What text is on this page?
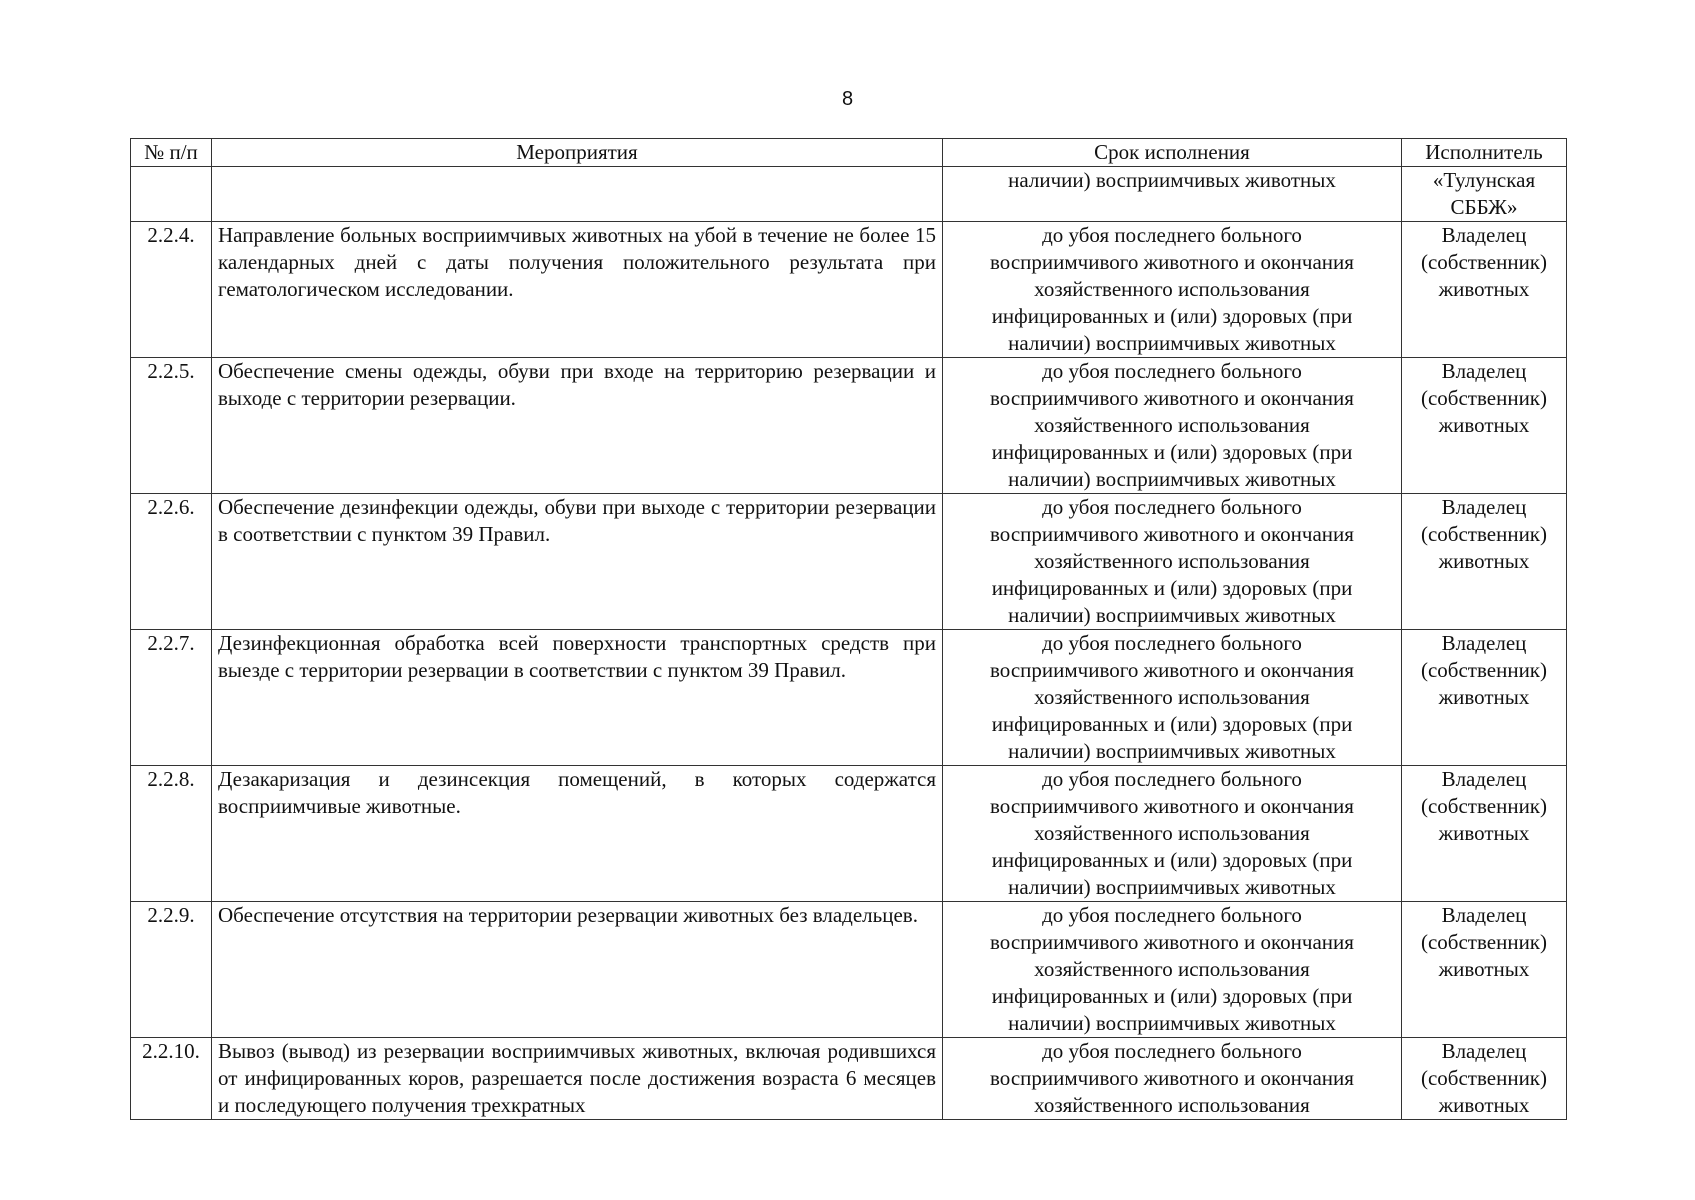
8
№ п/п	Мероприятия	Срок исполнения	Исполнитель
		наличии) восприимчивых животных	«Тулунская
СББЖ»

2.2.4.	Направление больных восприимчивых животных на убой в течение не более 15 календарных дней с даты получения положительного результата при гематологическом исследовании.	до убоя последнего больного
восприимчивого животного и окончания
хозяйственного использования
инфицированных и (или) здоровых (при
наличии) восприимчивых животных	Владелец
(собственник)
животных

2.2.5.	Обеспечение смены одежды, обуви при входе на территорию резервации и выходе с территории резервации.	до убоя последнего больного
восприимчивого животного и окончания
хозяйственного использования
инфицированных и (или) здоровых (при
наличии) восприимчивых животных	Владелец
(собственник)
животных

2.2.6.	Обеспечение дезинфекции одежды, обуви при выходе с территории резервации в соответствии с пунктом 39 Правил.	до убоя последнего больного
восприимчивого животного и окончания
хозяйственного использования
инфицированных и (или) здоровых (при
наличии) восприимчивых животных	Владелец
(собственник)
животных

2.2.7.	Дезинфекционная обработка всей поверхности транспортных средств при выезде с территории резервации в соответствии с пунктом 39 Правил.	до убоя последнего больного
восприимчивого животного и окончания
хозяйственного использования
инфицированных и (или) здоровых (при
наличии) восприимчивых животных	Владелец
(собственник)
животных

2.2.8.	Дезакаризация и дезинсекция помещений, в которых содержатся восприимчивые животные.	до убоя последнего больного
восприимчивого животного и окончания
хозяйственного использования
инфицированных и (или) здоровых (при
наличии) восприимчивых животных	Владелец
(собственник)
животных

2.2.9.	Обеспечение отсутствия на территории резервации животных без владельцев.	до убоя последнего больного
восприимчивого животного и окончания
хозяйственного использования
инфицированных и (или) здоровых (при
наличии) восприимчивых животных	Владелец
(собственник)
животных

2.2.10.	Вывоз (вывод) из резервации восприимчивых животных, включая родившихся от инфицированных коров, разрешается после достижения возраста 6 месяцев и последующего получения трехкратных	до убоя последнего больного
восприимчивого животного и окончания
хозяйственного использования	Владелец
(собственник)
животных
